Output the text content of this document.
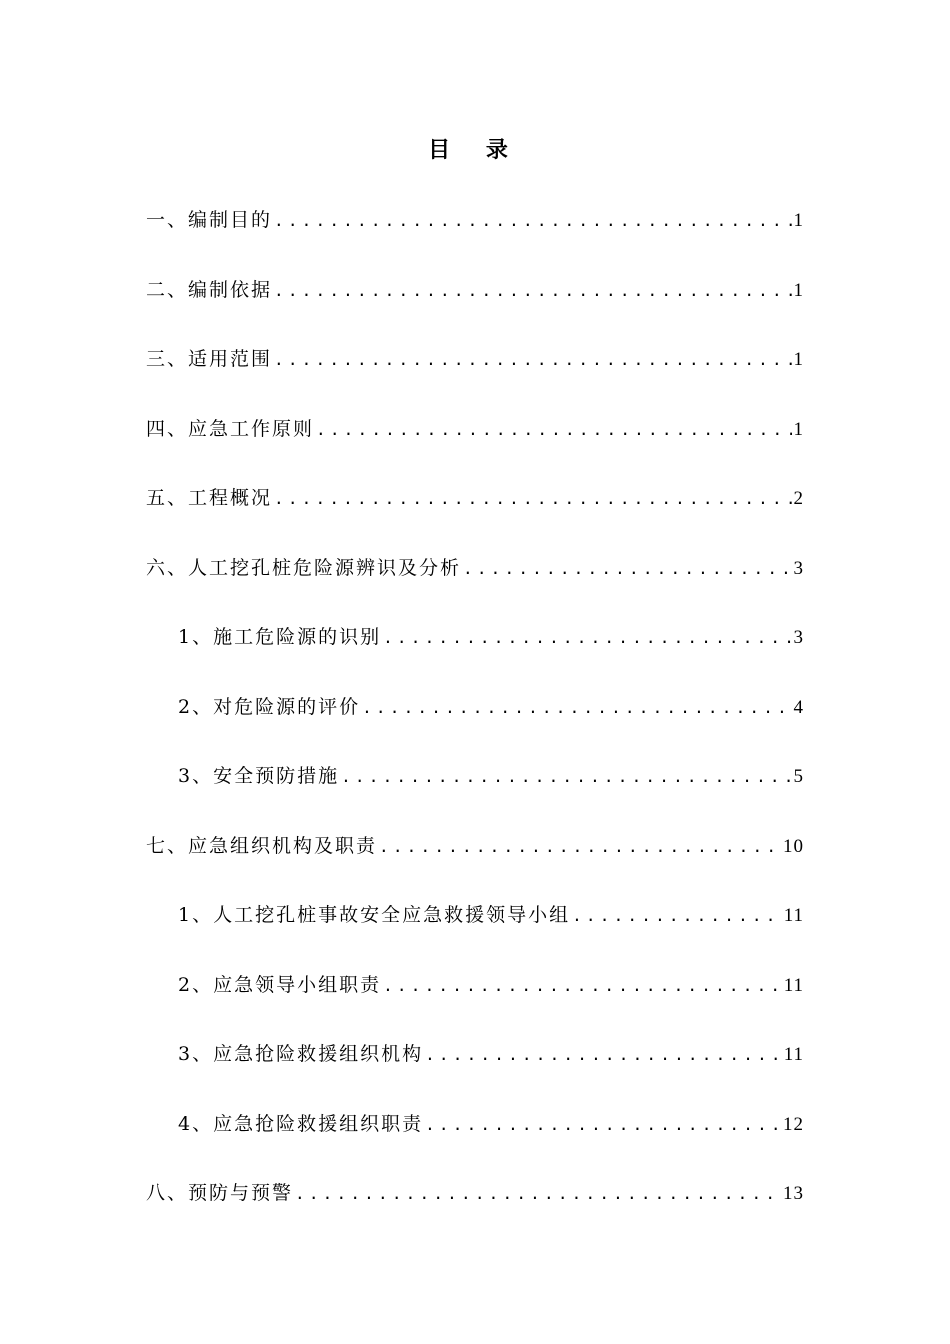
目 录
一、编制目的 .....	1
二、编制依据 .....	1
三、适用范围 .....	1
四、应急工作原则 .....	1
五、工程概况 .....	2
六、人工挖孔桩危险源辨识及分析 .....	3
1、施工危险源的识别 .....	3
2、对危险源的评价 .....	4
3、安全预防措施 .....	5
七、应急组织机构及职责 .....	10
1、人工挖孔桩事故安全应急救援领导小组 .....	11
2、应急领导小组职责 .....	11
3、应急抢险救援组织机构 .....	11
4、应急抢险救援组织职责 .....	12
八、预防与预警 .....	13
